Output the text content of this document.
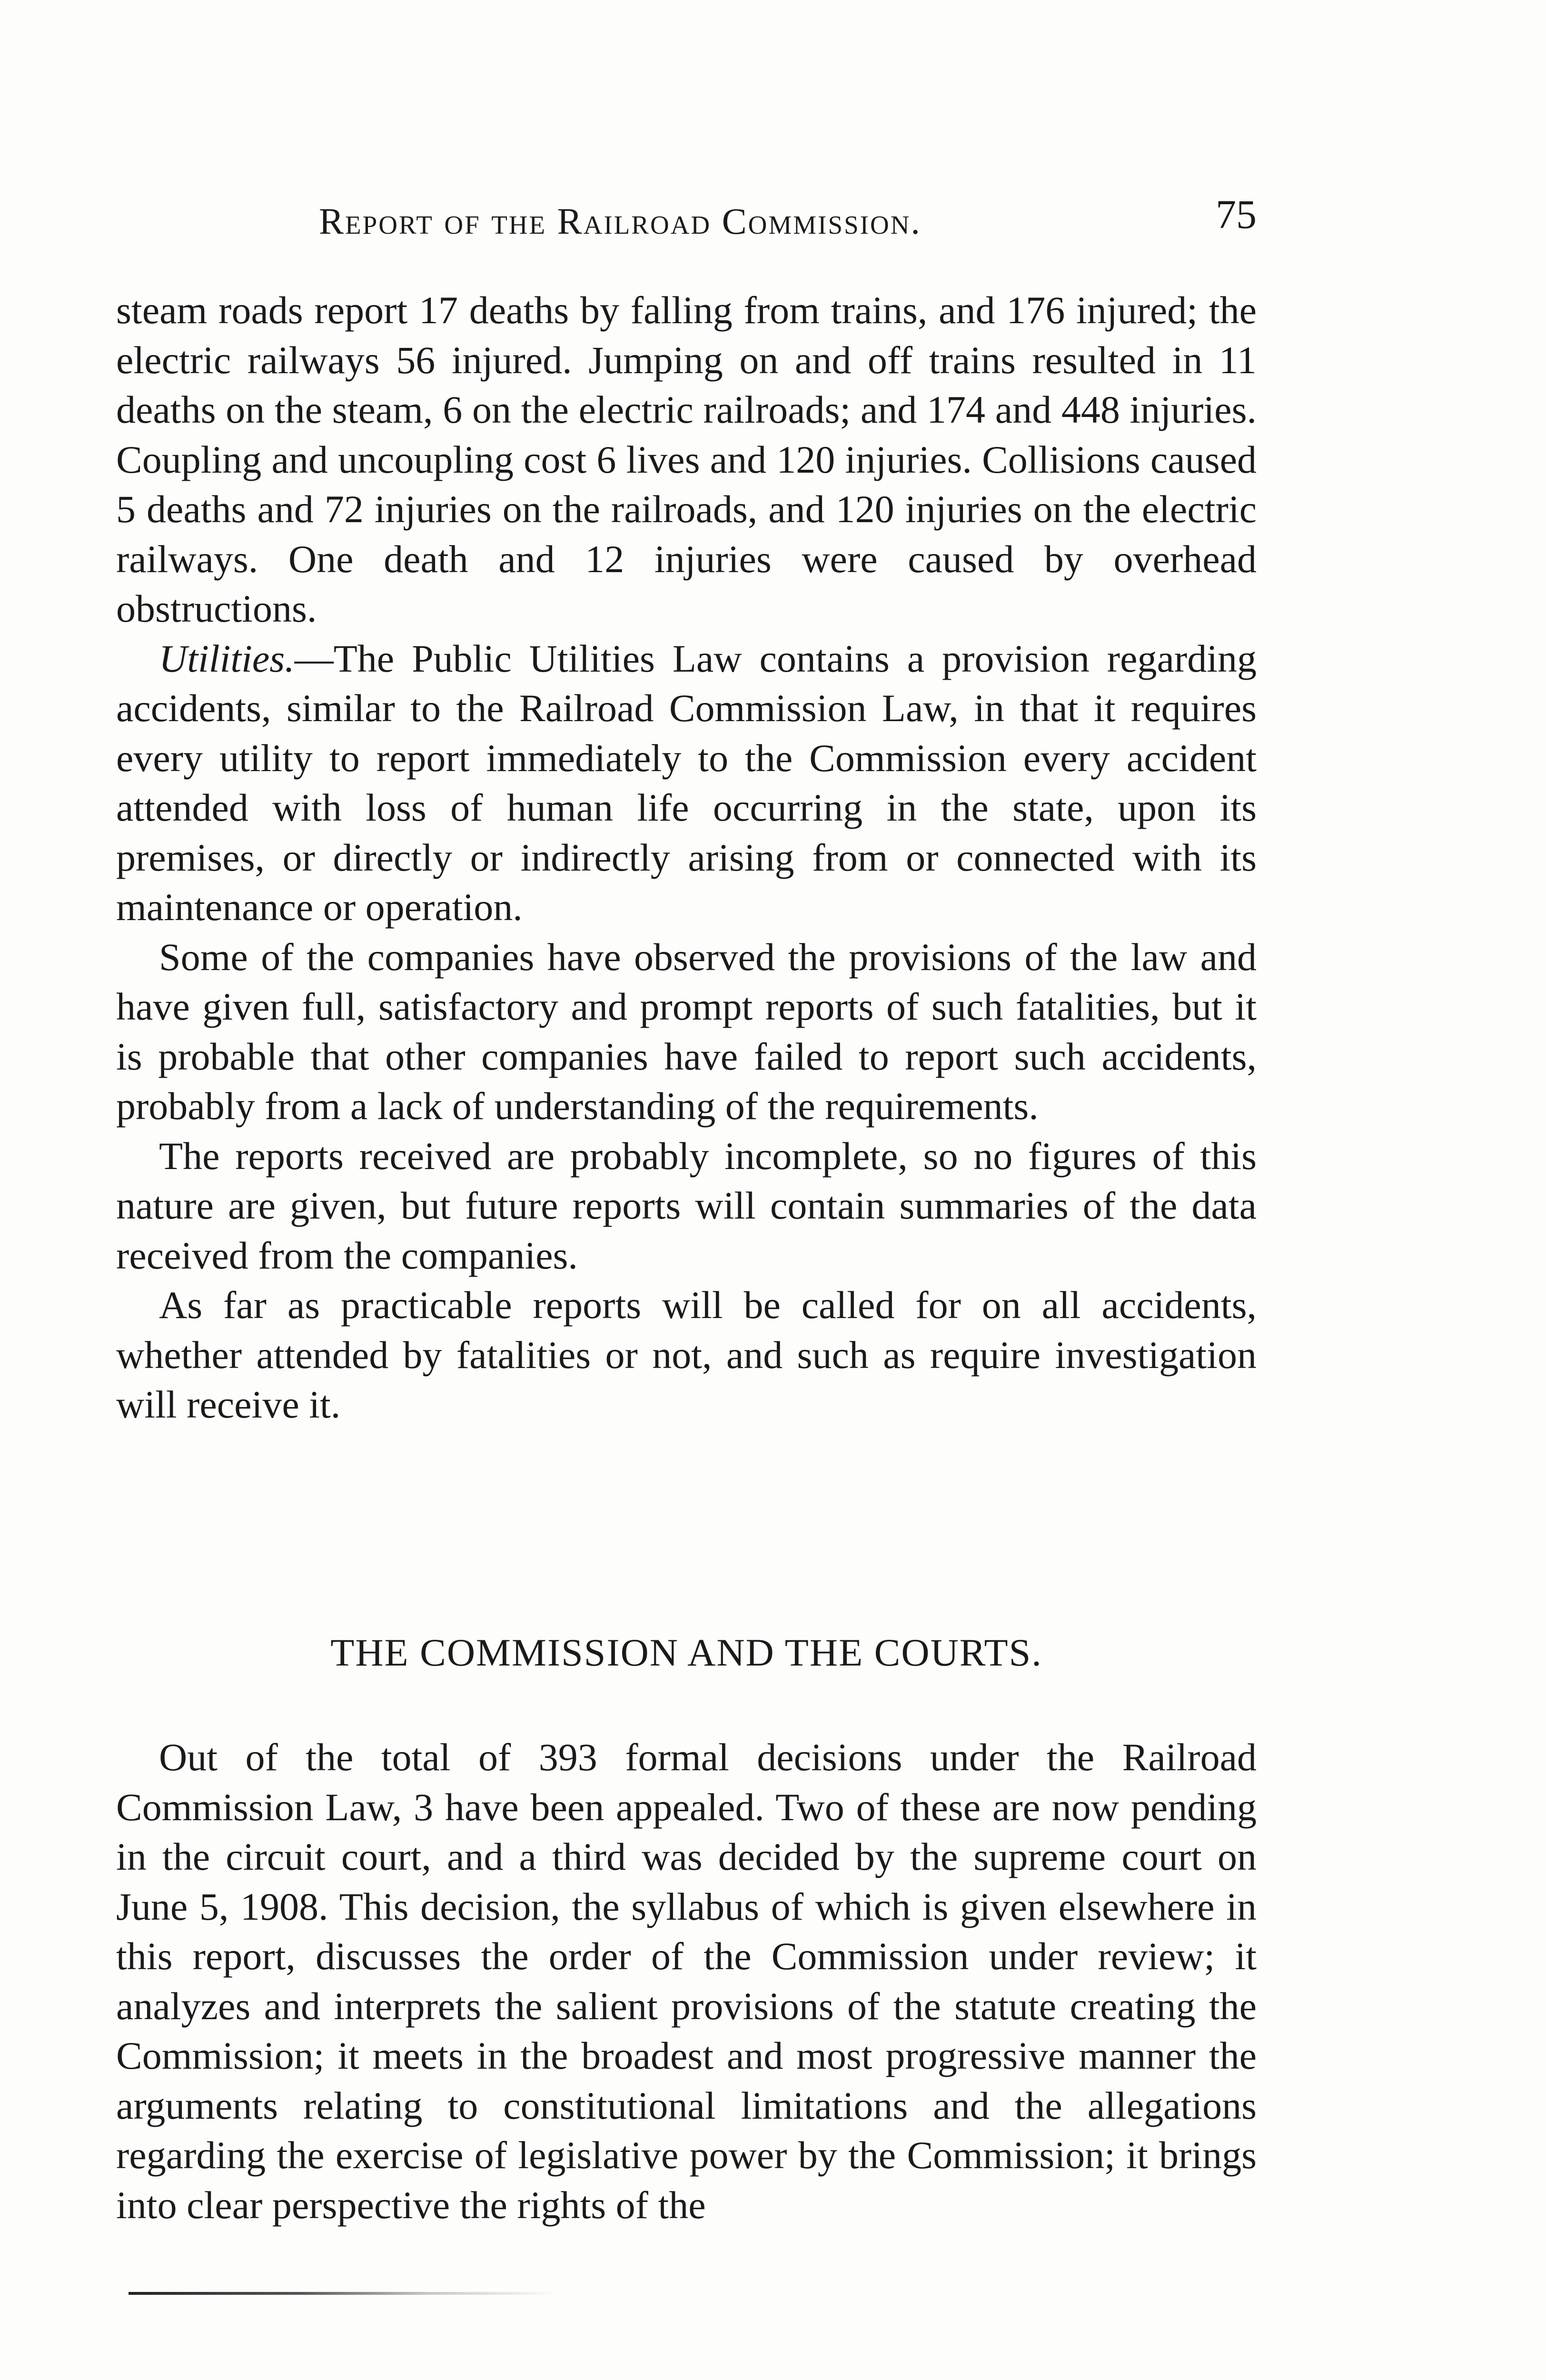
Report of the Railroad Commission.	75

steam roads report 17 deaths by falling from trains, and 176 injured; the electric railways 56 injured. Jumping on and off trains resulted in 11 deaths on the steam, 6 on the electric railroads; and 174 and 448 injuries. Coupling and uncoupling cost 6 lives and 120 injuries. Collisions caused 5 deaths and 72 injuries on the railroads, and 120 injuries on the electric railways. One death and 12 injuries were caused by overhead obstructions.

Utilities.—The Public Utilities Law contains a provision regarding accidents, similar to the Railroad Commission Law, in that it requires every utility to report immediately to the Commission every accident attended with loss of human life occurring in the state, upon its premises, or directly or indirectly arising from or connected with its maintenance or operation.

Some of the companies have observed the provisions of the law and have given full, satisfactory and prompt reports of such fatalities, but it is probable that other companies have failed to report such accidents, probably from a lack of understanding of the requirements.

The reports received are probably incomplete, so no figures of this nature are given, but future reports will contain summaries of the data received from the companies.

As far as practicable reports will be called for on all accidents, whether attended by fatalities or not, and such as require investigation will receive it.

THE COMMISSION AND THE COURTS.

Out of the total of 393 formal decisions under the Railroad Commission Law, 3 have been appealed. Two of these are now pending in the circuit court, and a third was decided by the supreme court on June 5, 1908. This decision, the syllabus of which is given elsewhere in this report, discusses the order of the Commission under review; it analyzes and interprets the salient provisions of the statute creating the Commission; it meets in the broadest and most progressive manner the arguments relating to constitutional limitations and the allegations regarding the exercise of legislative power by the Commission; it brings into clear perspective the rights of the
